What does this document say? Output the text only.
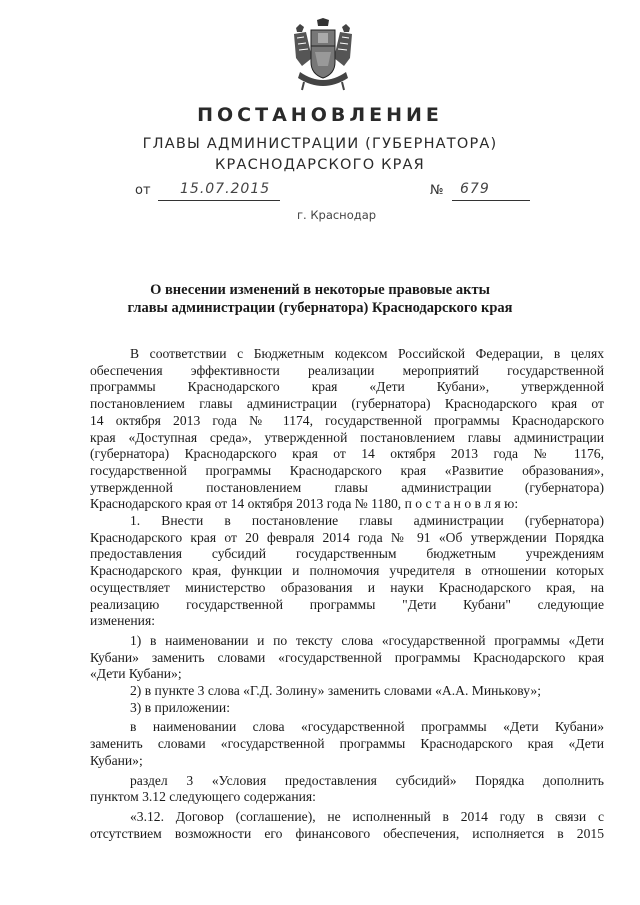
ПОСТАНОВЛЕНИЕ
ГЛАВЫ АДМИНИСТРАЦИИ (ГУБЕРНАТОРА)
КРАСНОДАРСКОГО КРАЯ
от 15.07.2015	№ 679
г. Краснодар
О внесении изменений в некоторые правовые акты
главы администрации (губернатора) Краснодарского края

В соответствии с Бюджетным кодексом Российской Федерации, в целях

обеспечения эффективности реализации мероприятий государственной

программы Краснодарского края «Дети Кубани», утвержденной

постановлением главы администрации (губернатора) Краснодарского края от

14 октября 2013 года № 1174, государственной программы Краснодарского

края «Доступная среда», утвержденной постановлением главы администрации

(губернатора) Краснодарского края от 14 октября 2013 года № 1176,

государственной программы Краснодарского края «Развитие образования»,

утвержденной постановлением главы администрации (губернатора)

Краснодарского края от 14 октября 2013 года № 1180, п о с т а н о в л я ю:

1. Внести в постановление главы администрации (губернатора)

Краснодарского края от 20 февраля 2014 года № 91 «Об утверждении Порядка

предоставления субсидий государственным бюджетным учреждениям

Краснодарского края, функции и полномочия учредителя в отношении которых

осуществляет министерство образования и науки Краснодарского края, на

реализацию государственной программы "Дети Кубани" следующие

изменения:

1) в наименовании и по тексту слова «государственной программы «Дети

Кубани» заменить словами «государственной программы Краснодарского края

«Дети Кубани»;

2) в пункте 3 слова «Г.Д. Золину» заменить словами «А.А. Минькову»;

3) в приложении:

в наименовании слова «государственной программы «Дети Кубани»

заменить словами «государственной программы Краснодарского края «Дети

Кубани»;

раздел 3 «Условия предоставления субсидий» Порядка дополнить

пунктом 3.12 следующего содержания:

«3.12. Договор (соглашение), не исполненный в 2014 году в связи с

отсутствием возможности его финансового обеспечения, исполняется в 2015
